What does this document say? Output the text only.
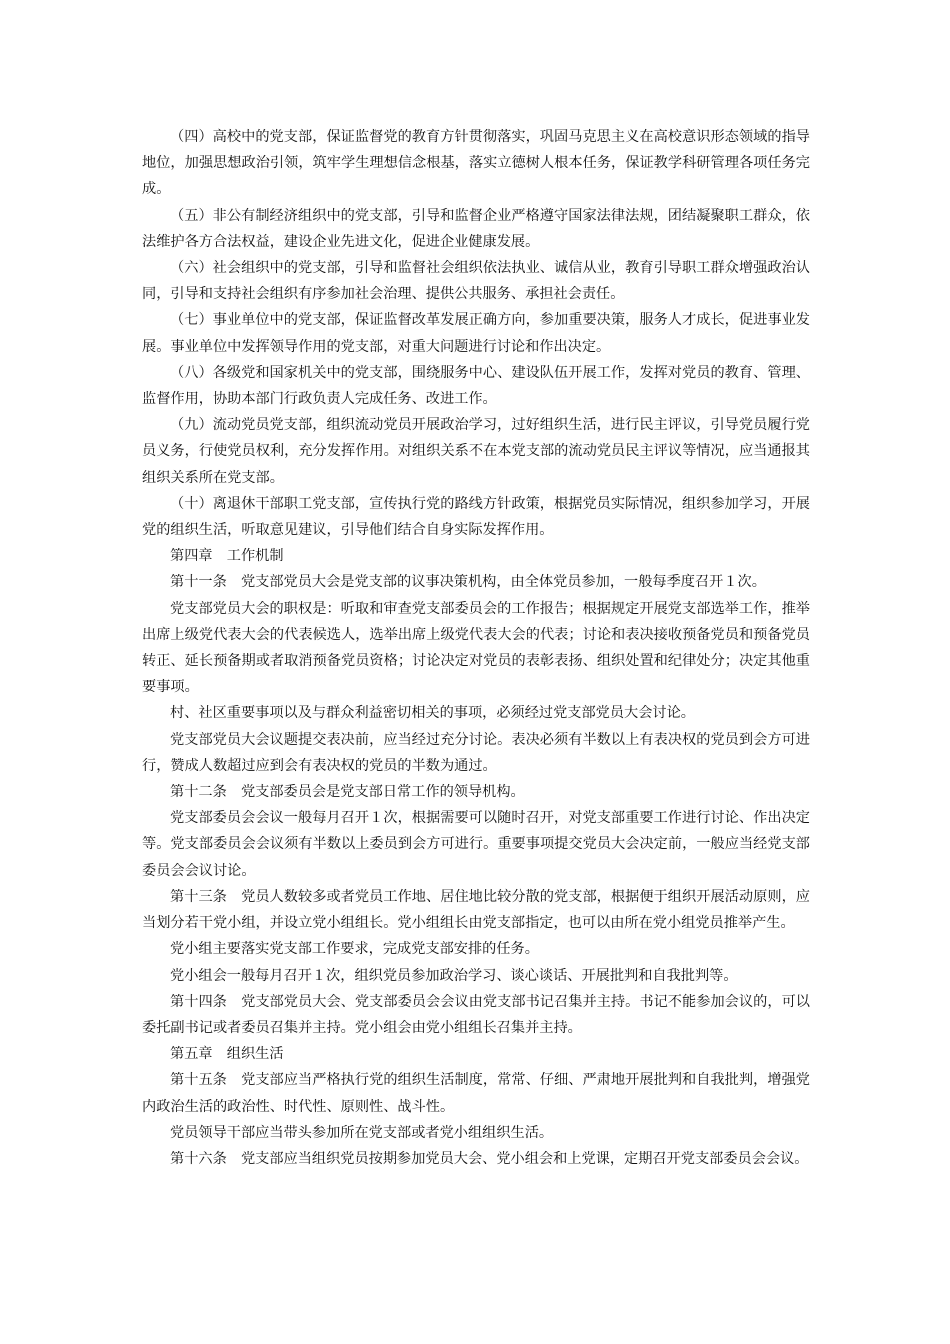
（四）高校中的党支部，保证监督党的教育方针贯彻落实，巩固马克思主义在高校意识形态领域的指导地位，加强思想政治引领，筑牢学生理想信念根基，落实立德树人根本任务，保证教学科研管理各项任务完成。

（五）非公有制经济组织中的党支部，引导和监督企业严格遵守国家法律法规，团结凝聚职工群众，依法维护各方合法权益，建设企业先进文化，促进企业健康发展。

（六）社会组织中的党支部，引导和监督社会组织依法执业、诚信从业，教育引导职工群众增强政治认同，引导和支持社会组织有序参加社会治理、提供公共服务、承担社会责任。

（七）事业单位中的党支部，保证监督改革发展正确方向，参加重要决策，服务人才成长，促进事业发展。事业单位中发挥领导作用的党支部，对重大问题进行讨论和作出决定。

（八）各级党和国家机关中的党支部，围绕服务中心、建设队伍开展工作，发挥对党员的教育、管理、监督作用，协助本部门行政负责人完成任务、改进工作。

（九）流动党员党支部，组织流动党员开展政治学习，过好组织生活，进行民主评议，引导党员履行党员义务，行使党员权利，充分发挥作用。对组织关系不在本党支部的流动党员民主评议等情况，应当通报其组织关系所在党支部。

（十）离退休干部职工党支部，宣传执行党的路线方针政策，根据党员实际情况，组织参加学习，开展党的组织生活，听取意见建议，引导他们结合自身实际发挥作用。

第四章　工作机制

第十一条　党支部党员大会是党支部的议事决策机构，由全体党员参加，一般每季度召开１次。

党支部党员大会的职权是：听取和审查党支部委员会的工作报告；根据规定开展党支部选举工作，推举出席上级党代表大会的代表候选人，选举出席上级党代表大会的代表；讨论和表决接收预备党员和预备党员转正、延长预备期或者取消预备党员资格；讨论决定对党员的表彰表扬、组织处置和纪律处分；决定其他重要事项。

村、社区重要事项以及与群众利益密切相关的事项，必须经过党支部党员大会讨论。

党支部党员大会议题提交表决前，应当经过充分讨论。表决必须有半数以上有表决权的党员到会方可进行，赞成人数超过应到会有表决权的党员的半数为通过。

第十二条　党支部委员会是党支部日常工作的领导机构。

党支部委员会会议一般每月召开１次，根据需要可以随时召开，对党支部重要工作进行讨论、作出决定等。党支部委员会会议须有半数以上委员到会方可进行。重要事项提交党员大会决定前，一般应当经党支部委员会会议讨论。

第十三条　党员人数较多或者党员工作地、居住地比较分散的党支部，根据便于组织开展活动原则，应当划分若干党小组，并设立党小组组长。党小组组长由党支部指定，也可以由所在党小组党员推举产生。

党小组主要落实党支部工作要求，完成党支部安排的任务。

党小组会一般每月召开１次，组织党员参加政治学习、谈心谈话、开展批判和自我批判等。

第十四条　党支部党员大会、党支部委员会会议由党支部书记召集并主持。书记不能参加会议的，可以委托副书记或者委员召集并主持。党小组会由党小组组长召集并主持。

第五章　组织生活

第十五条　党支部应当严格执行党的组织生活制度，常常、仔细、严肃地开展批判和自我批判，增强党内政治生活的政治性、时代性、原则性、战斗性。

党员领导干部应当带头参加所在党支部或者党小组组织生活。

第十六条　党支部应当组织党员按期参加党员大会、党小组会和上党课，定期召开党支部委员会会议。
